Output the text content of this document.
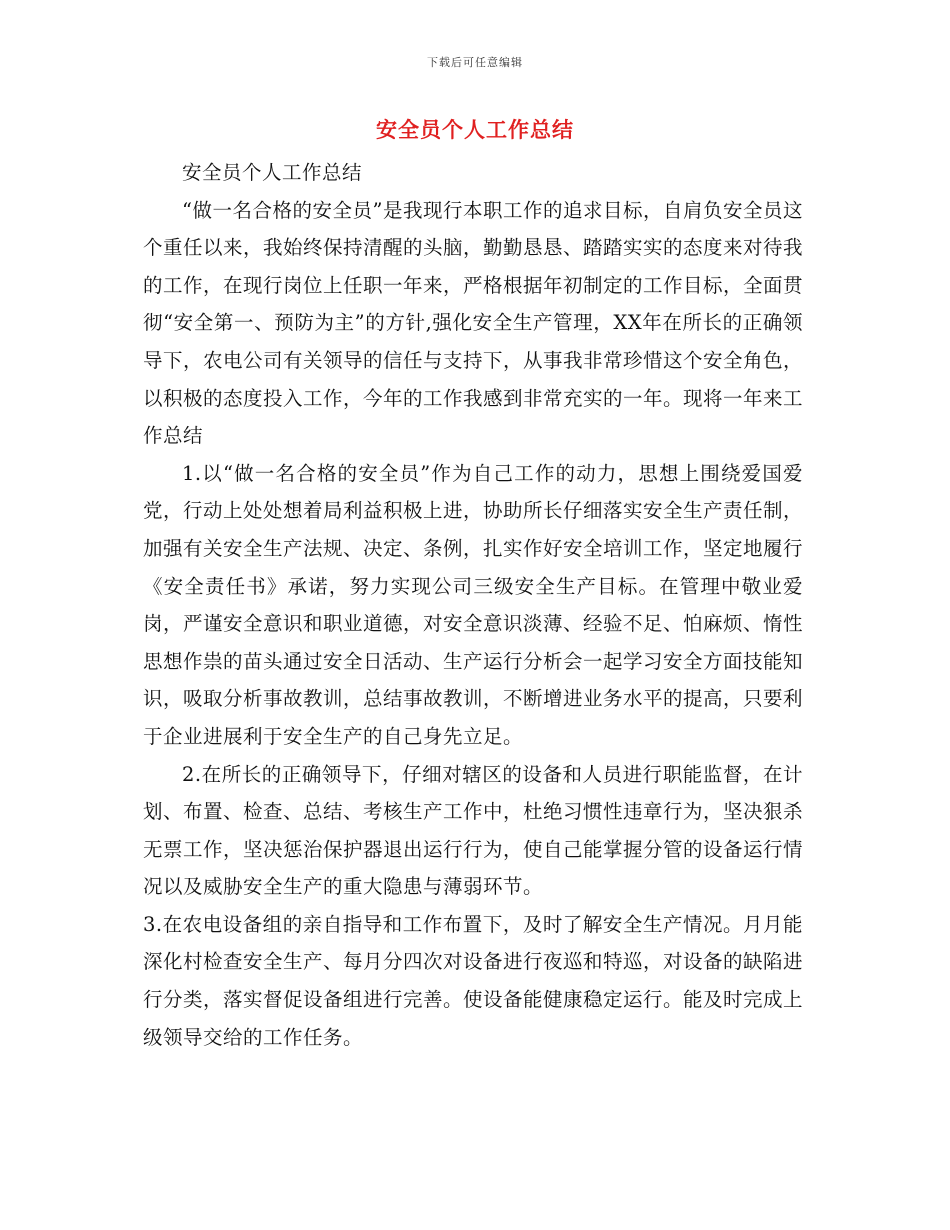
下载后可任意编辑
安全员个人工作总结

安全员个人工作总结

“做一名合格的安全员”是我现行本职工作的追求目标，自肩负安全员这个重任以来，我始终保持清醒的头脑，勤勤恳恳、踏踏实实的态度来对待我的工作，在现行岗位上任职一年来，严格根据年初制定的工作目标，全面贯彻“安全第一、预防为主”的方针,强化安全生产管理，XX年在所长的正确领导下，农电公司有关领导的信任与支持下，从事我非常珍惜这个安全角色，以积极的态度投入工作，今年的工作我感到非常充实的一年。现将一年来工作总结

1.以“做一名合格的安全员”作为自己工作的动力，思想上围绕爱国爱党，行动上处处想着局利益积极上进，协助所长仔细落实安全生产责任制，加强有关安全生产法规、决定、条例，扎实作好安全培训工作，坚定地履行《安全责任书》承诺，努力实现公司三级安全生产目标。在管理中敬业爱岗，严谨安全意识和职业道德，对安全意识淡薄、经验不足、怕麻烦、惰性思想作祟的苗头通过安全日活动、生产运行分析会一起学习安全方面技能知识，吸取分析事故教训，总结事故教训，不断增进业务水平的提高，只要利于企业进展利于安全生产的自己身先立足。

2.在所长的正确领导下，仔细对辖区的设备和人员进行职能监督，在计划、布置、检查、总结、考核生产工作中，杜绝习惯性违章行为，坚决狠杀无票工作，坚决惩治保护器退出运行行为，使自己能掌握分管的设备运行情况以及威胁安全生产的重大隐患与薄弱环节。

3.在农电设备组的亲自指导和工作布置下，及时了解安全生产情况。月月能深化村检查安全生产、每月分四次对设备进行夜巡和特巡，对设备的缺陷进行分类，落实督促设备组进行完善。使设备能健康稳定运行。能及时完成上级领导交给的工作任务。
